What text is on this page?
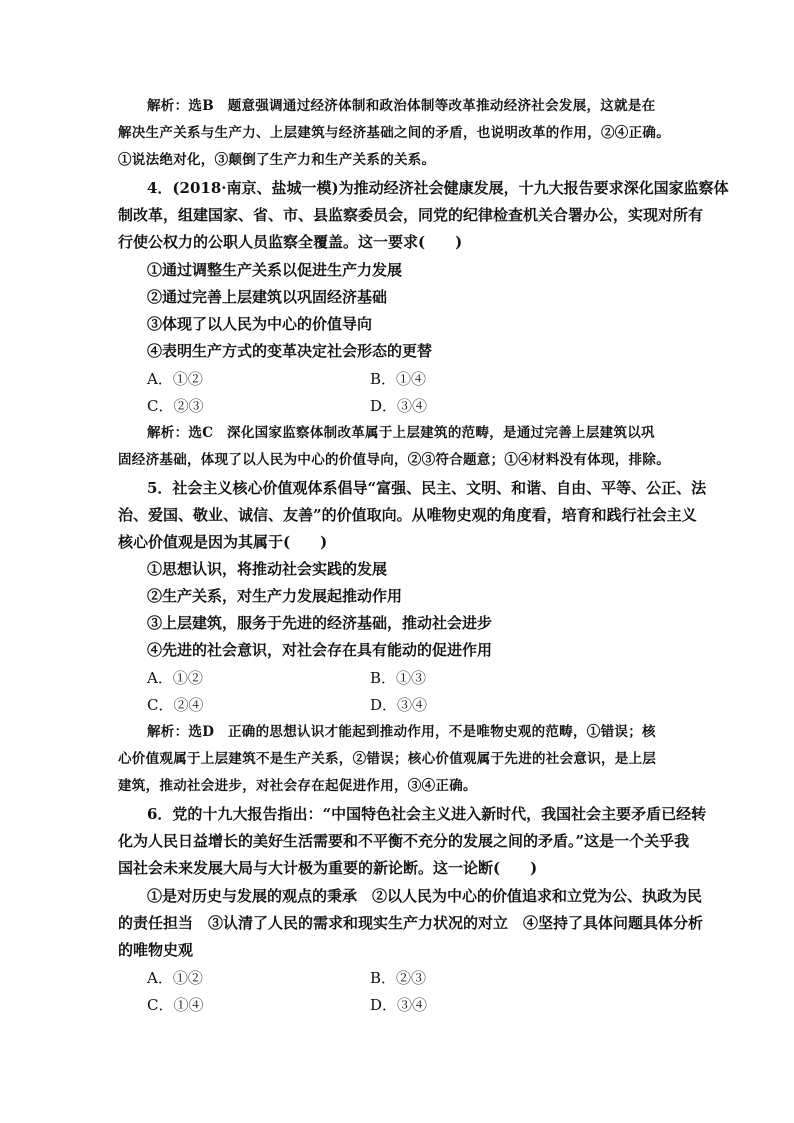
解析：选B　题意强调通过经济体制和政治体制等改革推动经济社会发展，这就是在
解决生产关系与生产力、上层建筑与经济基础之间的矛盾，也说明改革的作用，②④正确。
①说法绝对化，③颠倒了生产力和生产关系的关系。
4．(2018·南京、盐城一模)为推动经济社会健康发展，十九大报告要求深化国家监察体
制改革，组建国家、省、市、县监察委员会，同党的纪律检查机关合署办公，实现对所有
行使公权力的公职人员监察全覆盖。这一要求(　　)
①通过调整生产关系以促进生产力发展
②通过完善上层建筑以巩固经济基础
③体现了以人民为中心的价值导向
④表明生产方式的变革决定社会形态的更替
A．①②	B．①④
C．②③	D．③④
解析：选C　深化国家监察体制改革属于上层建筑的范畴，是通过完善上层建筑以巩
固经济基础，体现了以人民为中心的价值导向，②③符合题意；①④材料没有体现，排除。
5．社会主义核心价值观体系倡导“富强、民主、文明、和谐、自由、平等、公正、法
治、爱国、敬业、诚信、友善”的价值取向。从唯物史观的角度看，培育和践行社会主义
核心价值观是因为其属于(　　)
①思想认识，将推动社会实践的发展
②生产关系，对生产力发展起推动作用
③上层建筑，服务于先进的经济基础，推动社会进步
④先进的社会意识，对社会存在具有能动的促进作用
A．①②	B．①③
C．②④	D．③④
解析：选D　正确的思想认识才能起到推动作用，不是唯物史观的范畴，①错误；核
心价值观属于上层建筑不是生产关系，②错误；核心价值观属于先进的社会意识，是上层
建筑，推动社会进步，对社会存在起促进作用，③④正确。
6．党的十九大报告指出：“中国特色社会主义进入新时代，我国社会主要矛盾已经转
化为人民日益增长的美好生活需要和不平衡不充分的发展之间的矛盾。”这是一个关乎我
国社会未来发展大局与大计极为重要的新论断。这一论断(　　)
①是对历史与发展的观点的秉承　②以人民为中心的价值追求和立党为公、执政为民
的责任担当　③认清了人民的需求和现实生产力状况的对立　④坚持了具体问题具体分析
的唯物史观
A．①②	B．②③
C．①④	D．③④
